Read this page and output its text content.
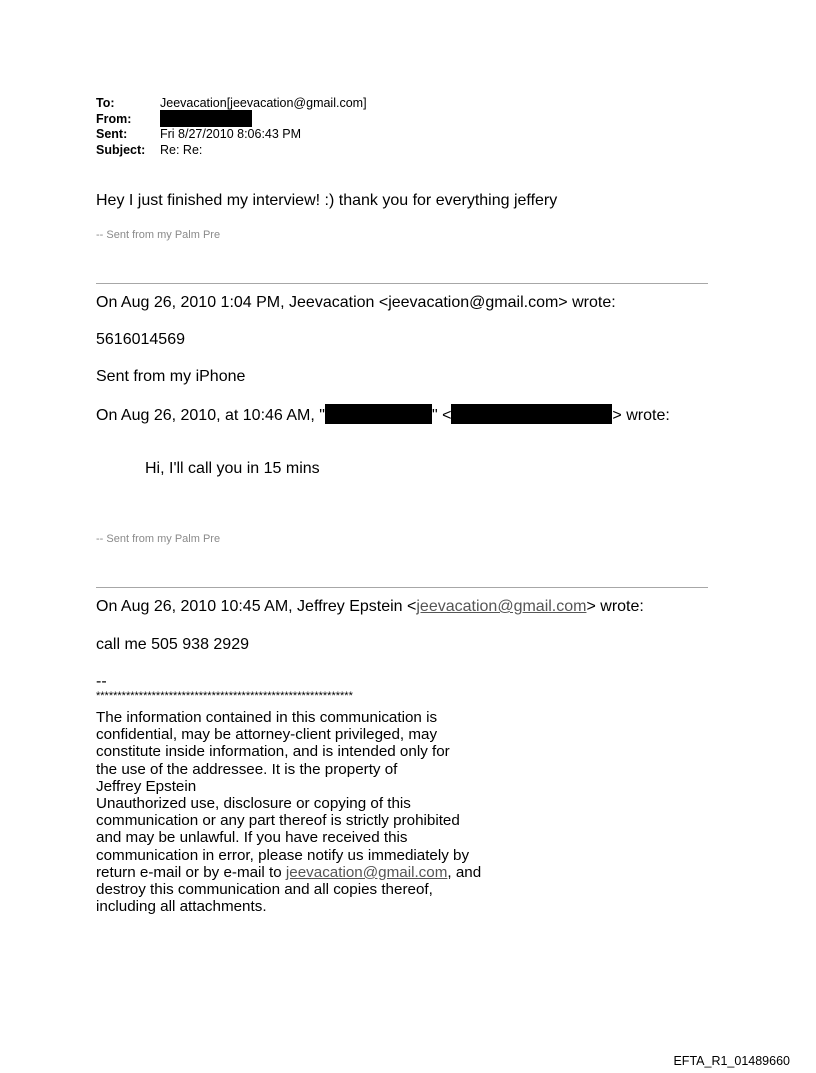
To:	Jeevacation[jeevacation@gmail.com]
From:
Sent:	Fri 8/27/2010 8:06:43 PM
Subject: Re: Re:
Hey I just finished my interview! :) thank you for everything jeffery
-- Sent from my Palm Pre
On Aug 26, 2010 1:04 PM, Jeevacation <jeevacation@gmail.com> wrote:
5616014569
Sent from my iPhone
On Aug 26, 2010, at 10:46 AM, "	" <	> wrote:
Hi, I'll call you in 15 mins
-- Sent from my Palm Pre
On Aug 26, 2010 10:45 AM, Jeffrey Epstein <jeevacation@gmail.com> wrote:
call me 505 938 2929
--
************************************************************
The information contained in this communication is
confidential, may be attorney-client privileged, may
constitute inside information, and is intended only for
the use of the addressee. It is the property of
Jeffrey Epstein
Unauthorized use, disclosure or copying of this
communication or any part thereof is strictly prohibited
and may be unlawful. If you have received this
communication in error, please notify us immediately by
return e-mail or by e-mail to jeevacation@gmail.com, and
destroy this communication and all copies thereof,
including all attachments.
EFTA_R1_01489660
